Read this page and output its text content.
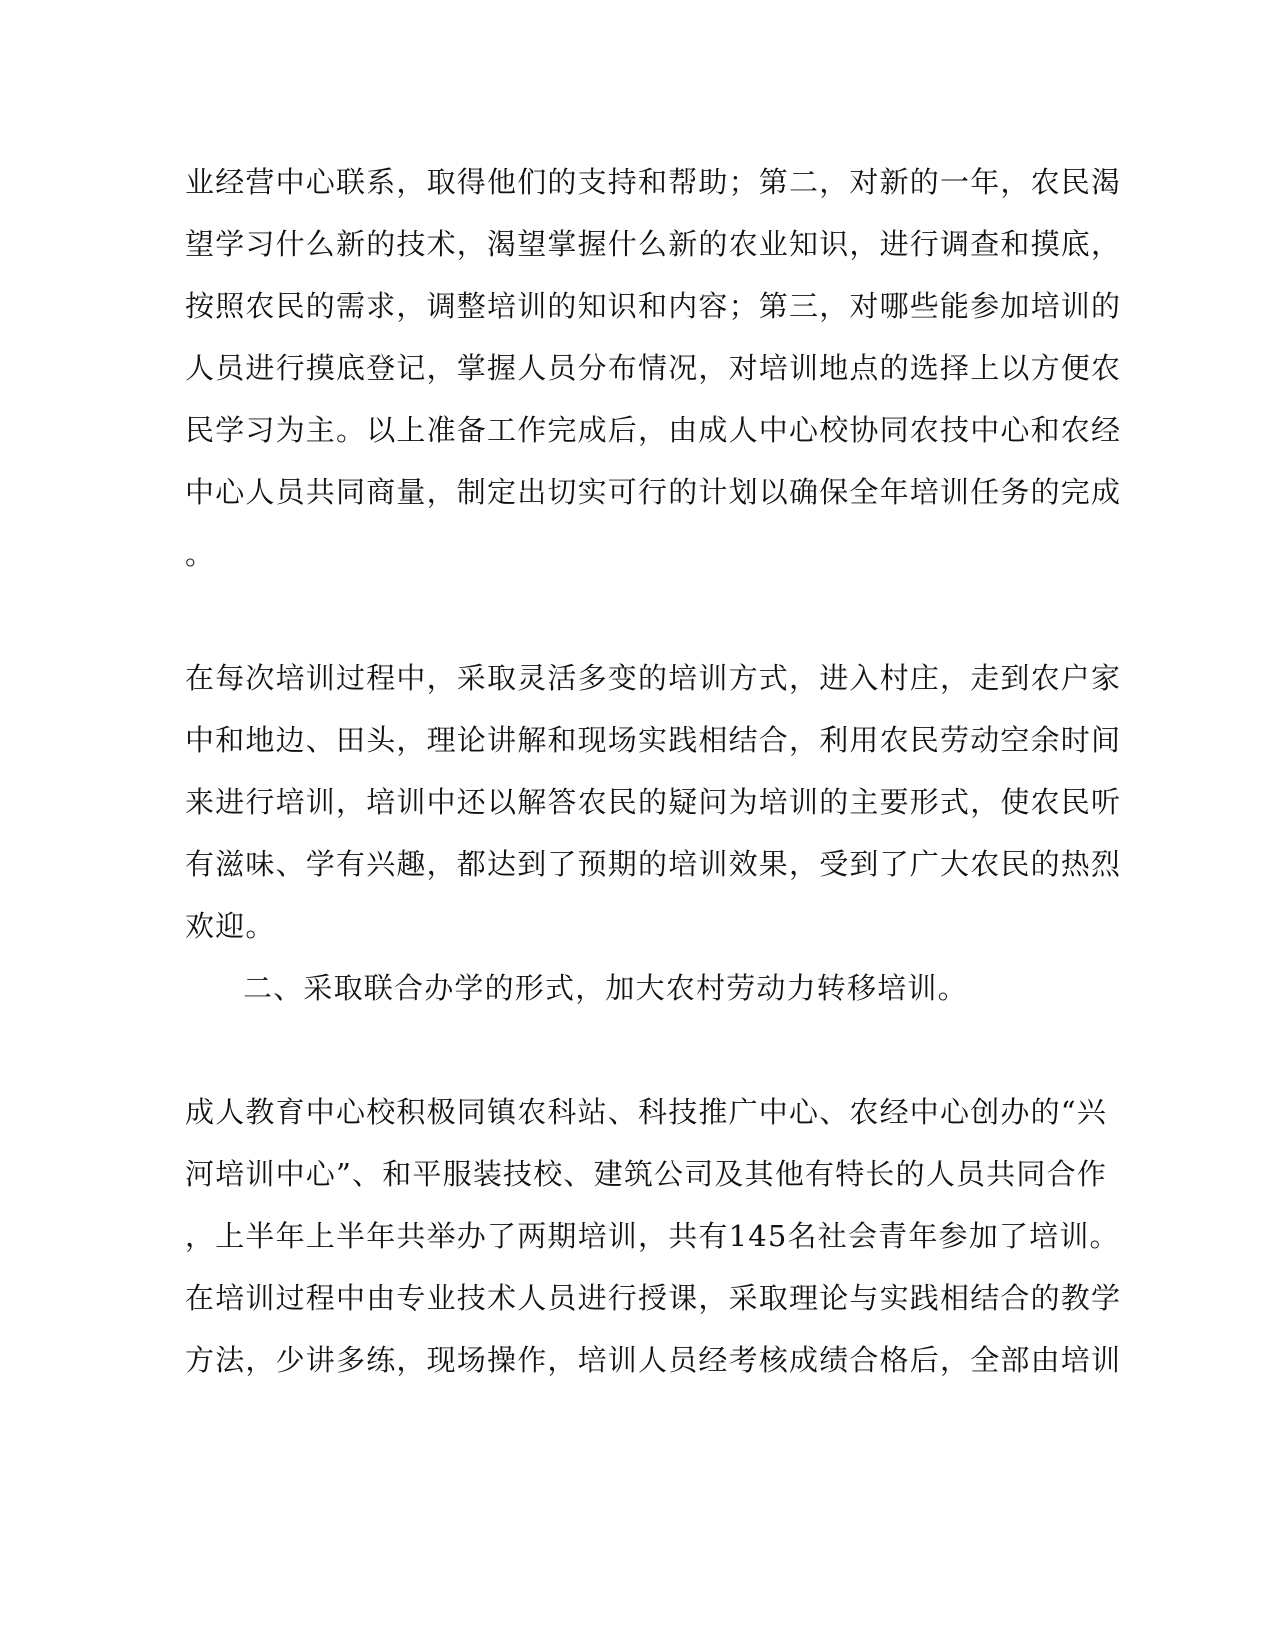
业经营中心联系，取得他们的支持和帮助；第二，对新的一年，农民渴
望学习什么新的技术，渴望掌握什么新的农业知识，进行调查和摸底，
按照农民的需求，调整培训的知识和内容；第三，对哪些能参加培训的
人员进行摸底登记，掌握人员分布情况，对培训地点的选择上以方便农
民学习为主。以上准备工作完成后，由成人中心校协同农技中心和农经
中心人员共同商量，制定出切实可行的计划以确保全年培训任务的完成
。
在每次培训过程中，采取灵活多变的培训方式，进入村庄，走到农户家
中和地边、田头，理论讲解和现场实践相结合，利用农民劳动空余时间
来进行培训，培训中还以解答农民的疑问为培训的主要形式，使农民听
有滋味、学有兴趣，都达到了预期的培训效果，受到了广大农民的热烈
欢迎。
二、采取联合办学的形式，加大农村劳动力转移培训。
成人教育中心校积极同镇农科站、科技推广中心、农经中心创办的“兴
河培训中心”、和平服装技校、建筑公司及其他有特长的人员共同合作
，上半年上半年共举办了两期培训，共有145名社会青年参加了培训。
在培训过程中由专业技术人员进行授课，采取理论与实践相结合的教学
方法，少讲多练，现场操作，培训人员经考核成绩合格后，全部由培训
